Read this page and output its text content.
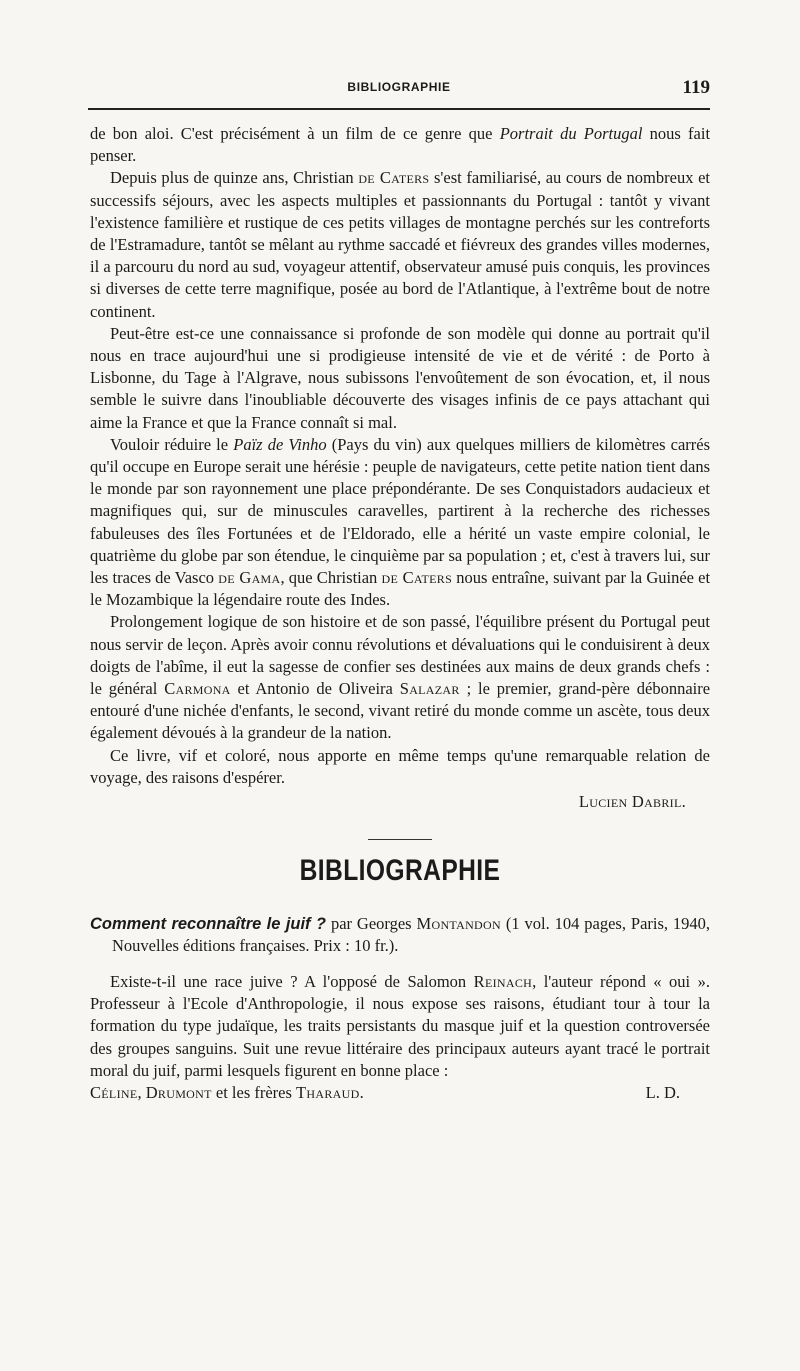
BIBLIOGRAPHIE	119

de bon aloi. C'est précisément à un film de ce genre que Portrait du Portugal nous fait penser.

Depuis plus de quinze ans, Christian de Caters s'est familiarisé, au cours de nombreux et successifs séjours, avec les aspects multiples et passionnants du Portugal : tantôt y vivant l'existence familière et rustique de ces petits villages de montagne perchés sur les contreforts de l'Estramadure, tantôt se mêlant au rythme saccadé et fiévreux des grandes villes modernes, il a parcouru du nord au sud, voyageur attentif, observateur amusé puis conquis, les provinces si diverses de cette terre magnifique, posée au bord de l'Atlantique, à l'extrême bout de notre continent.

Peut-être est-ce une connaissance si profonde de son modèle qui donne au portrait qu'il nous en trace aujourd'hui une si prodigieuse intensité de vie et de vérité : de Porto à Lisbonne, du Tage à l'Algrave, nous subissons l'envoûtement de son évocation, et, il nous semble le suivre dans l'inoubliable découverte des visages infinis de ce pays attachant qui aime la France et que la France connaît si mal.

Vouloir réduire le Païz de Vinho (Pays du vin) aux quelques milliers de kilomètres carrés qu'il occupe en Europe serait une hérésie : peuple de navigateurs, cette petite nation tient dans le monde par son rayonnement une place prépondérante. De ses Conquistadors audacieux et magnifiques qui, sur de minuscules caravelles, partirent à la recherche des richesses fabuleuses des îles Fortunées et de l'Eldorado, elle a hérité un vaste empire colonial, le quatrième du globe par son étendue, le cinquième par sa population ; et, c'est à travers lui, sur les traces de Vasco de Gama, que Christian de Caters nous entraîne, suivant par la Guinée et le Mozambique la légendaire route des Indes.

Prolongement logique de son histoire et de son passé, l'équilibre présent du Portugal peut nous servir de leçon. Après avoir connu révolutions et dévaluations qui le conduisirent à deux doigts de l'abîme, il eut la sagesse de confier ses destinées aux mains de deux grands chefs : le général Carmona et Antonio de Oliveira Salazar ; le premier, grand-père débonnaire entouré d'une nichée d'enfants, le second, vivant retiré du monde comme un ascète, tous deux également dévoués à la grandeur de la nation.

Ce livre, vif et coloré, nous apporte en même temps qu'une remarquable relation de voyage, des raisons d'espérer.

Lucien Dabril.

BIBLIOGRAPHIE

Comment reconnaître le juif ? par Georges Montandon (1 vol. 104 pages, Paris, 1940, Nouvelles éditions françaises. Prix : 10 fr.).

Existe-t-il une race juive ? A l'opposé de Salomon Reinach, l'auteur répond « oui ». Professeur à l'Ecole d'Anthropologie, il nous expose ses raisons, étudiant tour à tour la formation du type judaïque, les traits persistants du masque juif et la question controversée des groupes sanguins. Suit une revue littéraire des principaux auteurs ayant tracé le portrait moral du juif, parmi lesquels figurent en bonne place :

Céline, Drumont et les frères Tharaud.	L. D.
